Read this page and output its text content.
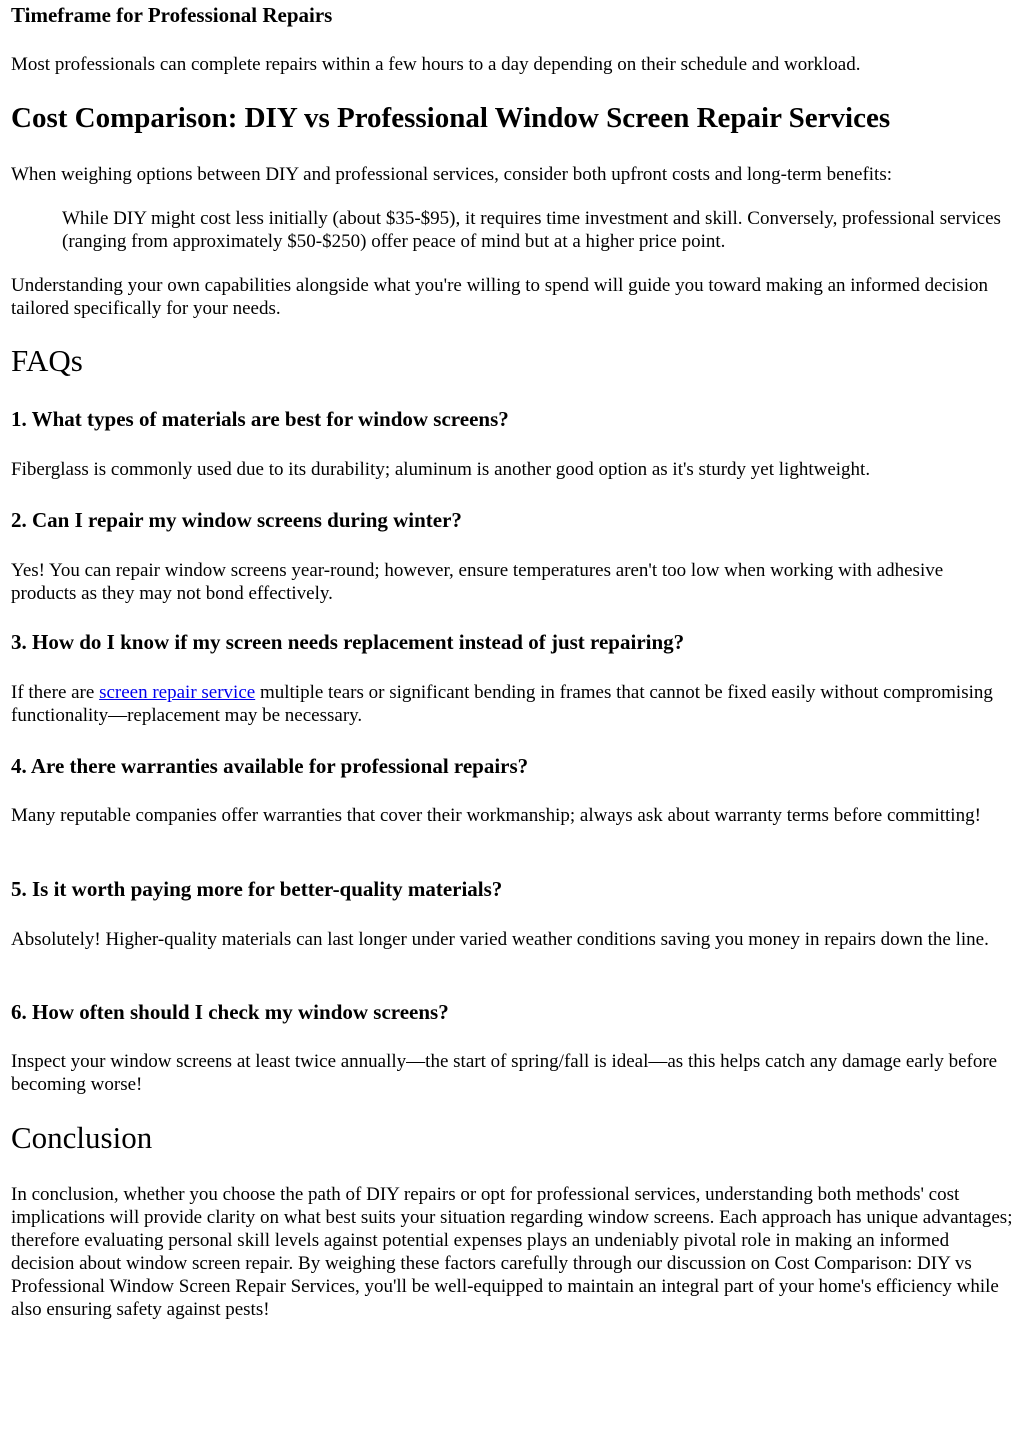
Timeframe for Professional Repairs

Most professionals can complete repairs within a few hours to a day depending on their schedule and workload.

Cost Comparison: DIY vs Professional Window Screen Repair Services

When weighing options between DIY and professional services, consider both upfront costs and long-term benefits:

While DIY might cost less initially (about $35-$95), it requires time investment and skill. Conversely, professional services (ranging from approximately $50-$250) offer peace of mind but at a higher price point.

Understanding your own capabilities alongside what you're willing to spend will guide you toward making an informed decision tailored specifically for your needs.

FAQs
1. What types of materials are best for window screens?

Fiberglass is commonly used due to its durability; aluminum is another good option as it's sturdy yet lightweight.

2. Can I repair my window screens during winter?

Yes! You can repair window screens year-round; however, ensure temperatures aren't too low when working with adhesive products as they may not bond effectively.

3. How do I know if my screen needs replacement instead of just repairing?

If there are screen repair service multiple tears or significant bending in frames that cannot be fixed easily without compromising functionality—replacement may be necessary.

4. Are there warranties available for professional repairs?

Many reputable companies offer warranties that cover their workmanship; always ask about warranty terms before committing!

5. Is it worth paying more for better-quality materials?

Absolutely! Higher-quality materials can last longer under varied weather conditions saving you money in repairs down the line.

6. How often should I check my window screens?

Inspect your window screens at least twice annually—the start of spring/fall is ideal—as this helps catch any damage early before becoming worse!

Conclusion

In conclusion, whether you choose the path of DIY repairs or opt for professional services, understanding both methods' cost implications will provide clarity on what best suits your situation regarding window screens. Each approach has unique advantages; therefore evaluating personal skill levels against potential expenses plays an undeniably pivotal role in making an informed decision about window screen repair. By weighing these factors carefully through our discussion on Cost Comparison: DIY vs Professional Window Screen Repair Services, you'll be well-equipped to maintain an integral part of your home's efficiency while also ensuring safety against pests!
